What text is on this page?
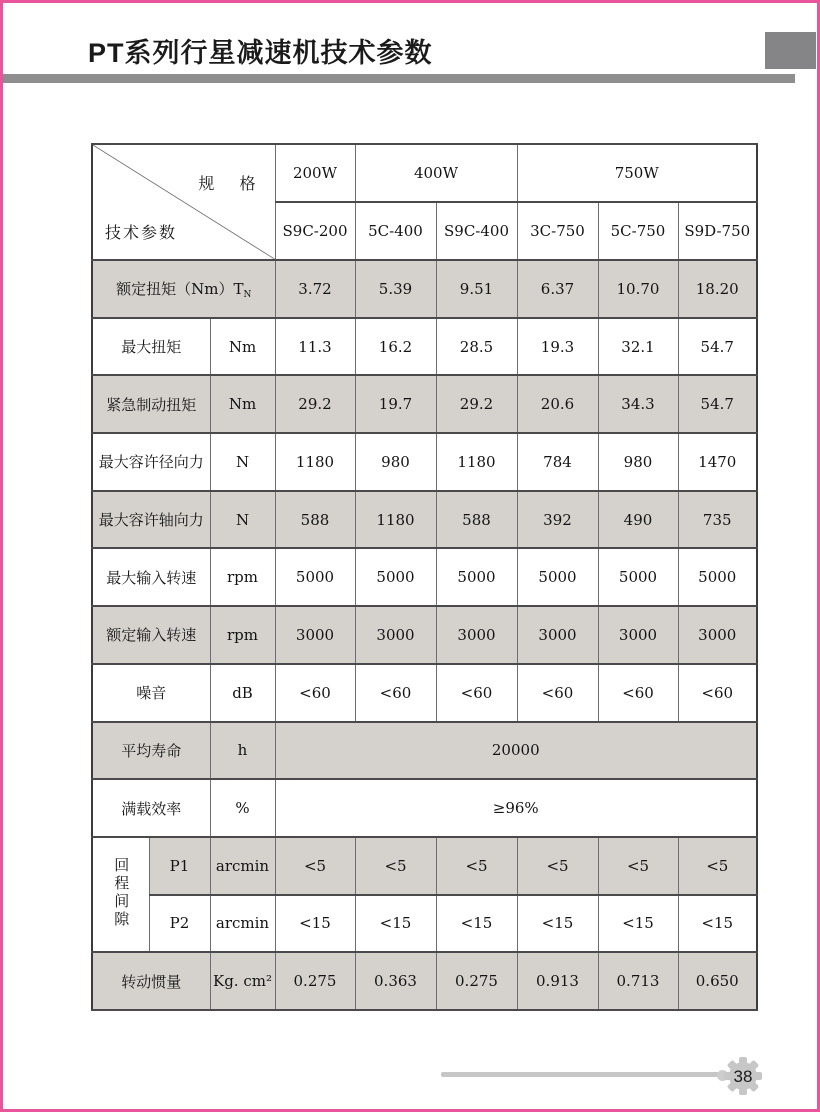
PT系列行星减速机技术参数
规 格
技术参数			200W	400W		750W		
			S9C-200	5C-400	S9C-400	3C-750	5C-750	S9D-750
额定扭矩$(Nm)T_N$			3.72	5.39	9.51	6.37	10.70	18.20
最大扭矩		Nm	11.3	16.2	28.5	19.3	32.1	54.7
紧急制动扭矩		Nm	29.2	19.7	29.2	20.6	34.3	54.7
最大容许径向力		N	1180	980	1180	784	980	1470
最大容许轴向力		N	588	1180	588	392	490	735
最大输入转速		rpm	5000	5000	5000	5000	5000	5000
额定输入转速		rpm	3000	3000	3000	3000	3000	3000
噪音		dB	<60	<60	<60	<60	<60	<60
平均寿命		h	20000					
满载效率		%	≥96%					
回程间隙	P1	arcmin	<5	<5	<5	<5	<5	<5
	P2	arcmin	<15	<15	<15	<15	<15	<15
转动惯量		Kg. cm²	0.275	0.363	0.275	0.913	0.713	0.650
38
